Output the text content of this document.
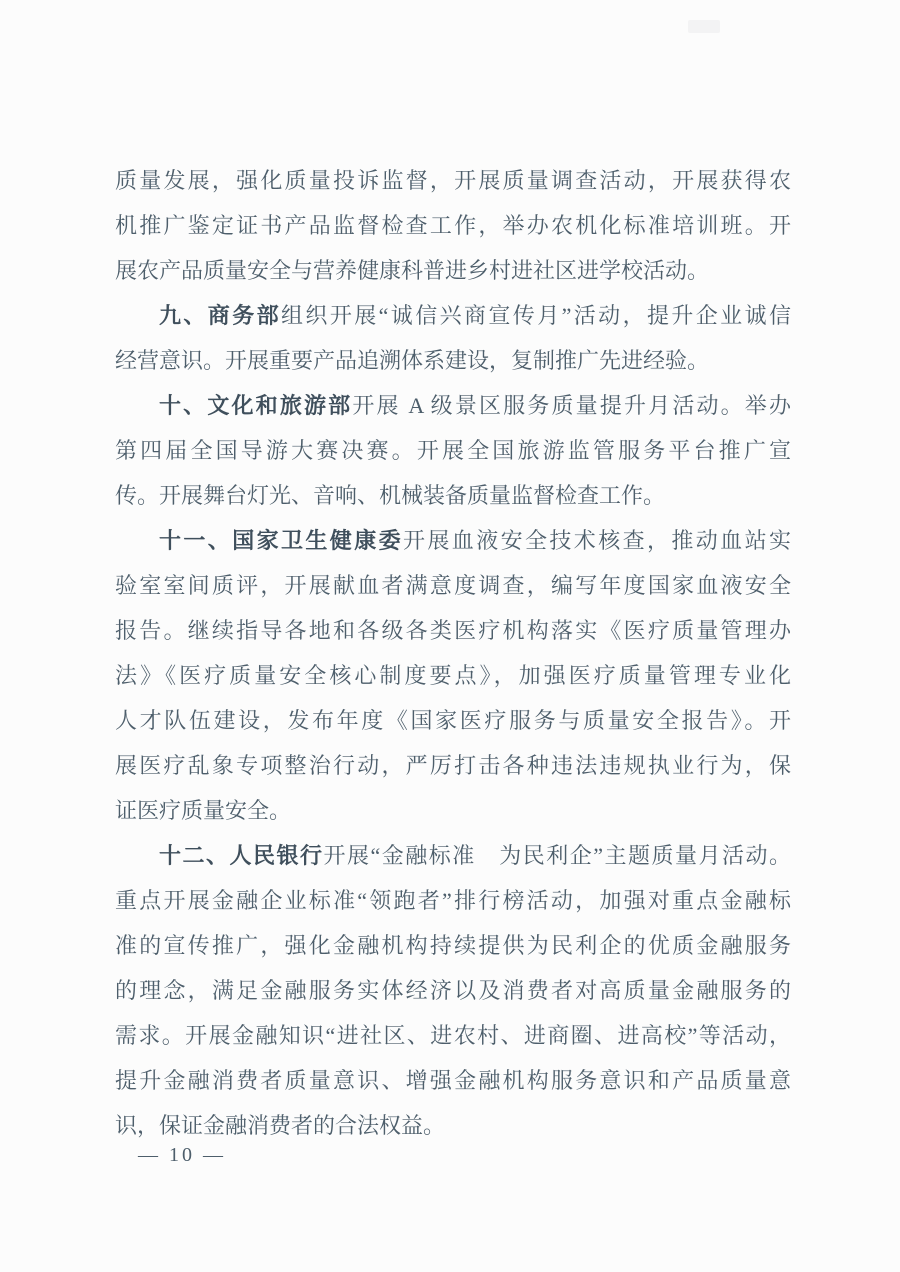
质量发展，强化质量投诉监督，开展质量调查活动，开展获得农
机推广鉴定证书产品监督检查工作，举办农机化标准培训班。开
展农产品质量安全与营养健康科普进乡村进社区进学校活动。
九、商务部组织开展“诚信兴商宣传月”活动，提升企业诚信
经营意识。开展重要产品追溯体系建设，复制推广先进经验。
十、文化和旅游部开展 A 级景区服务质量提升月活动。举办
第四届全国导游大赛决赛。开展全国旅游监管服务平台推广宣
传。开展舞台灯光、音响、机械装备质量监督检查工作。
十一、国家卫生健康委开展血液安全技术核查，推动血站实
验室室间质评，开展献血者满意度调查，编写年度国家血液安全
报告。继续指导各地和各级各类医疗机构落实《医疗质量管理办
法》《医疗质量安全核心制度要点》，加强医疗质量管理专业化
人才队伍建设，发布年度《国家医疗服务与质量安全报告》。开
展医疗乱象专项整治行动，严厉打击各种违法违规执业行为，保
证医疗质量安全。
十二、人民银行开展“金融标准　为民利企”主题质量月活动。
重点开展金融企业标准“领跑者”排行榜活动，加强对重点金融标
准的宣传推广，强化金融机构持续提供为民利企的优质金融服务
的理念，满足金融服务实体经济以及消费者对高质量金融服务的
需求。开展金融知识“进社区、进农村、进商圈、进高校”等活动，
提升金融消费者质量意识、增强金融机构服务意识和产品质量意
识，保证金融消费者的合法权益。
— 10 —
